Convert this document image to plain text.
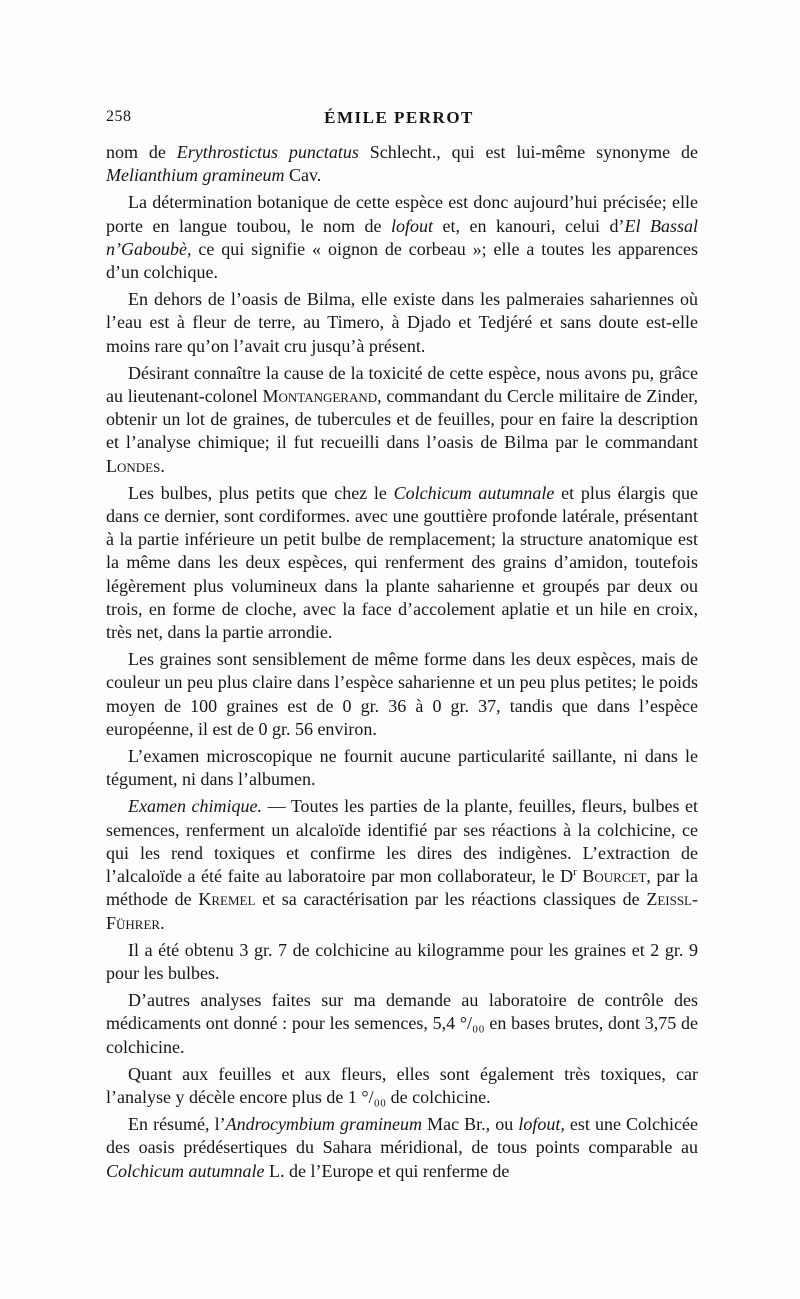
258	ÉMILE PERROT

nom de Erythrostictus punctatus Schlecht., qui est lui-même synonyme de Melianthium gramineum Cav.

La détermination botanique de cette espèce est donc aujourd’hui précisée; elle porte en langue toubou, le nom de lofout et, en kanouri, celui d’El Bassal n’Gaboubè, ce qui signifie « oignon de corbeau »; elle a toutes les apparences d’un colchique.

En dehors de l’oasis de Bilma, elle existe dans les palmeraies sahariennes où l’eau est à fleur de terre, au Timero, à Djado et Tedjéré et sans doute est-elle moins rare qu’on l’avait cru jusqu’à présent.

Désirant connaître la cause de la toxicité de cette espèce, nous avons pu, grâce au lieutenant-colonel Montangerand, commandant du Cercle militaire de Zinder, obtenir un lot de graines, de tubercules et de feuilles, pour en faire la description et l’analyse chimique; il fut recueilli dans l’oasis de Bilma par le commandant Londes.

Les bulbes, plus petits que chez le Colchicum autumnale et plus élargis que dans ce dernier, sont cordiformes. avec une gouttière profonde latérale, présentant à la partie inférieure un petit bulbe de remplacement; la structure anatomique est la même dans les deux espèces, qui renferment des grains d’amidon, toutefois légèrement plus volumineux dans la plante saharienne et groupés par deux ou trois, en forme de cloche, avec la face d’accolement aplatie et un hile en croix, très net, dans la partie arrondie.

Les graines sont sensiblement de même forme dans les deux espèces, mais de couleur un peu plus claire dans l’espèce saharienne et un peu plus petites; le poids moyen de 100 graines est de 0 gr. 36 à 0 gr. 37, tandis que dans l’espèce européenne, il est de 0 gr. 56 environ.

L’examen microscopique ne fournit aucune particularité saillante, ni dans le tégument, ni dans l’albumen.

Examen chimique. — Toutes les parties de la plante, feuilles, fleurs, bulbes et semences, renferment un alcaloïde identifié par ses réactions à la colchicine, ce qui les rend toxiques et confirme les dires des indigènes. L’extraction de l’alcaloïde a été faite au laboratoire par mon collaborateur, le $D^r$ Bourcet, par la méthode de Kremel et sa caractérisation par les réactions classiques de Zeissl-Führer.

Il a été obtenu 3 gr. 7 de colchicine au kilogramme pour les graines et 2 gr. 9 pour les bulbes.

D’autres analyses faites sur ma demande au laboratoire de contrôle des médicaments ont donné : pour les semences, 5,4 °/₀₀ en bases brutes, dont 3,75 de colchicine.

Quant aux feuilles et aux fleurs, elles sont également très toxiques, car l’analyse y décèle encore plus de 1 °/₀₀ de colchicine.

En résumé, l’Androcymbium gramineum Mac Br., ou lofout, est une Colchicée des oasis prédésertiques du Sahara méridional, de tous points comparable au Colchicum autumnale L. de l’Europe et qui renferme de
